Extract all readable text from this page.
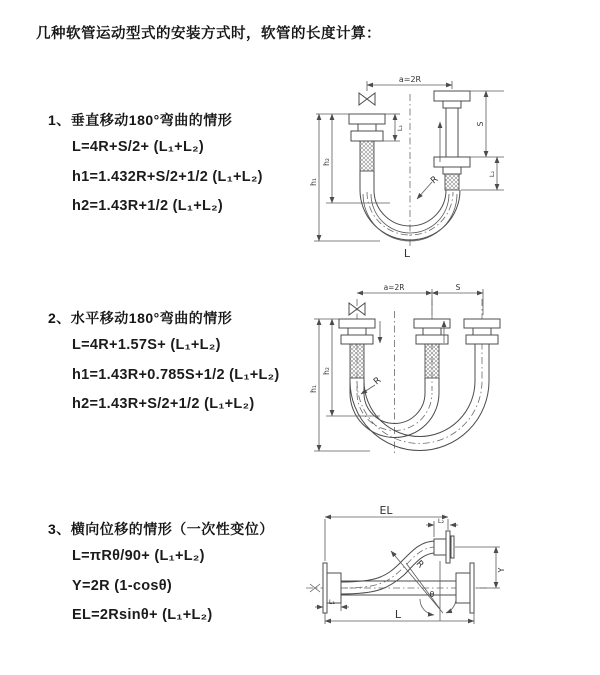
几种软管运动型式的安装方式时，软管的长度计算：
1、垂直移动180°弯曲的情形
L=4R+S/2+ (L₁+L₂)
h1=1.432R+S/2+1/2 (L₁+L₂)
h2=1.43R+1/2 (L₁+L₂)
a=2R
h₂
h₁
L₁
S
L₂
R
L
2、水平移动180°弯曲的情形
L=4R+1.57S+ (L₁+L₂)
h1=1.43R+0.785S+1/2 (L₁+L₂)
h2=1.43R+S/2+1/2 (L₁+L₂)
a=2R	S
h₂
h₁
R
3、横向位移的情形（一次性变位）
L=πRθ/90+ (L₁+L₂)
Y=2R (1-cosθ)
EL=2Rsinθ+ (L₁+L₂)
θ
R
EL
L₂
Y
L
L₁
